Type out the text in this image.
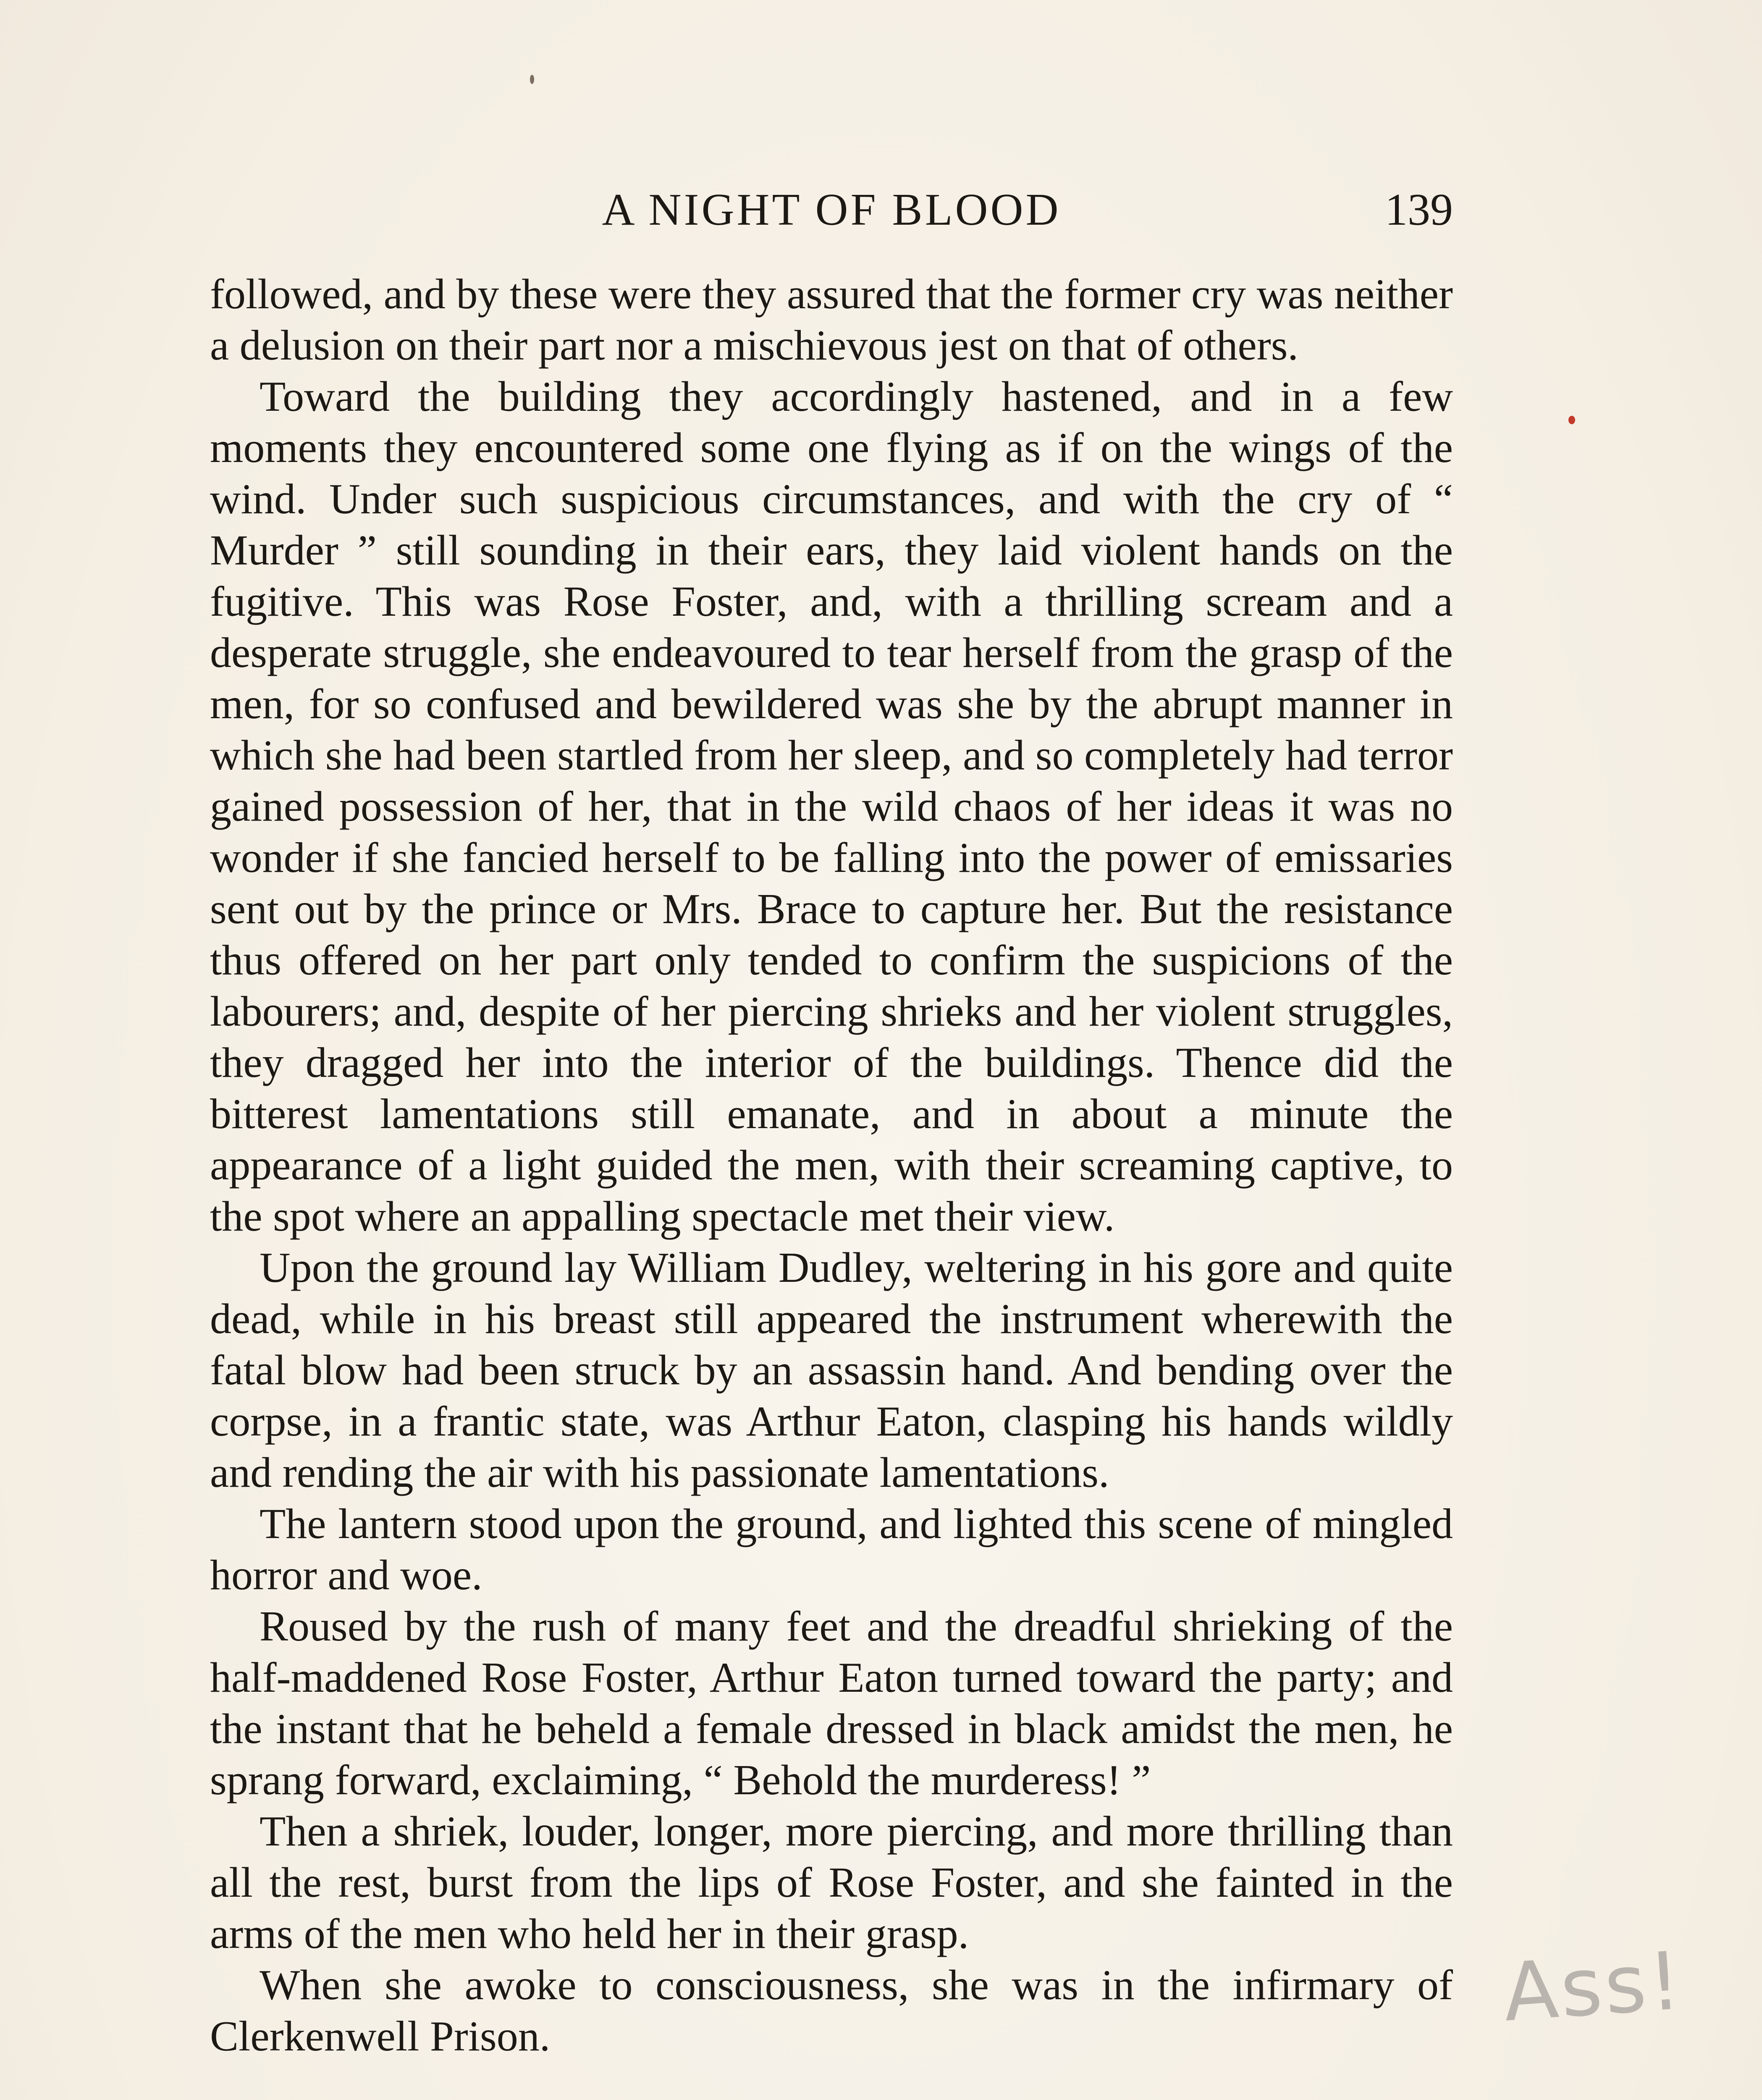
A NIGHT OF BLOOD	139

followed, and by these were they assured that the former cry was neither a delusion on their part nor a mischievous jest on that of others.

Toward the building they accordingly hastened, and in a few moments they encountered some one flying as if on the wings of the wind. Under such suspicious circumstances, and with the cry of “ Murder ” still sounding in their ears, they laid violent hands on the fugitive. This was Rose Foster, and, with a thrilling scream and a desperate struggle, she endeavoured to tear herself from the grasp of the men, for so confused and bewildered was she by the abrupt manner in which she had been startled from her sleep, and so completely had terror gained possession of her, that in the wild chaos of her ideas it was no wonder if she fancied herself to be falling into the power of emissaries sent out by the prince or Mrs. Brace to capture her. But the resistance thus offered on her part only tended to confirm the suspicions of the labourers; and, despite of her piercing shrieks and her violent struggles, they dragged her into the interior of the buildings. Thence did the bitterest lamentations still emanate, and in about a minute the appearance of a light guided the men, with their screaming captive, to the spot where an appalling spectacle met their view.

Upon the ground lay William Dudley, weltering in his gore and quite dead, while in his breast still appeared the instrument wherewith the fatal blow had been struck by an assassin hand. And bending over the corpse, in a frantic state, was Arthur Eaton, clasping his hands wildly and rending the air with his passionate lamentations.

The lantern stood upon the ground, and lighted this scene of mingled horror and woe.

Roused by the rush of many feet and the dreadful shrieking of the half-maddened Rose Foster, Arthur Eaton turned toward the party; and the instant that he beheld a female dressed in black amidst the men, he sprang forward, exclaiming, “ Behold the murderess! ”

Then a shriek, louder, longer, more piercing, and more thrilling than all the rest, burst from the lips of Rose Foster, and she fainted in the arms of the men who held her in their grasp.

When she awoke to consciousness, she was in the infirmary of Clerkenwell Prison.	Ass!
